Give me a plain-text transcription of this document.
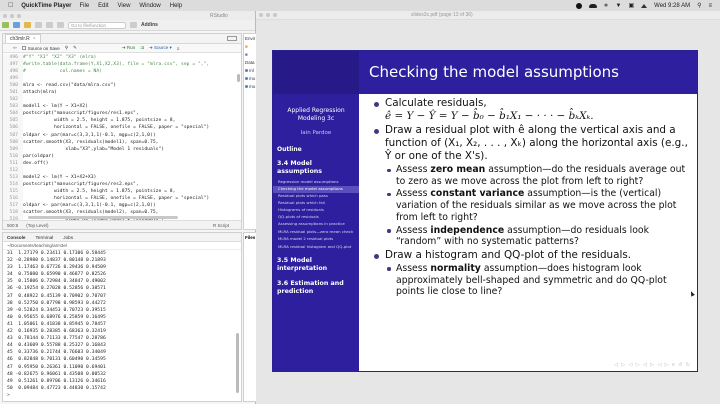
QuickTime Player File Edit View Window Help	∗ ▼ ▣	Wed 9:28 AM ⚲ ≡
RStudio
Go to file/function	Addins
ch3mlr.R ×
⇦	Source on Save ⚲ ✎	➜ Run ⇉ ➜ Source ▾ ≡
496	#"Y" "X1" "X2" "X3" (mlra)
497	#write.table(data.frame(Y,X1,X2,X3), file = "mlra.csv", sep = ",",
498	#            col.names = NA)
499
500	mlra <- read.csv("data/mlra.csv")
501	attach(mlra)
502
503	model1 <- lm(Y ~ X1+X2)
504	postscript("manuscript/figures/res1.eps",
505	width = 2.5, height = 1.875, pointsize = 8,
506	horizontal = FALSE, onefile = FALSE, paper = "special")
507	oldpar <- par(mar=c(3,3,1,1)-0.1, mgp=c(2,1,0))
508	scatter.smooth(X3, residuals(model1), span=0.75,
509	xlab="X3",ylab="Model 1 residuals")
510	par(oldpar)
511	dev.off()
512
513	model2 <- lm(Y ~ X1+X2+X3)
514	postscript("manuscript/figures/res2.eps",
515	width = 2.5, height = 1.875, pointsize = 8,
516	horizontal = FALSE, onefile = FALSE, paper = "special")
517	oldpar <- par(mar=c(3,3,1,1)-0.1, mgp=c(2,1,0))
518	scatter.smooth(X3, residuals(model2), span=0.75,
500:5 (Top Level)	R Script
Console Terminal Jobs
~/Documents/teaching/arm3e/
31  1.27179 0.23411 0.17306 0.58445
32 -0.28980 0.14837 0.80148 0.21893
33  1.17463 0.67726 0.29436 0.94509
34  0.75080 0.65990 0.46877 0.82526
35  0.15806 0.72984 0.34847 0.49002
36 -0.19254 0.27028 0.52856 0.38571
37  0.48922 0.45139 0.70902 0.70707
38  0.52750 0.07798 0.98593 0.44272
39 -0.52824 0.34453 0.70723 0.39515
40  0.95655 0.68976 0.25859 0.16495
41  1.05061 0.41838 0.85945 0.78457
42  0.16935 0.28385 0.68363 0.32419
43  0.78144 0.71133 0.77547 0.28786
44  0.43609 0.55788 0.25327 0.16843
45  0.33736 0.21744 0.76603 0.34049
46  0.82848 0.70131 0.60490 0.34595
47  0.95950 0.26361 0.11090 0.69401
48 -0.82675 0.96061 0.43508 0.00532
49  0.51261 0.89706 0.13126 0.34616
50  0.09484 0.47723 0.44830 0.15742
>
Envir
■
■
Data
ml
mo
mo
Files
slides3c.pdf (page 13 of 36)
Checking the model assumptions
Applied Regression Modeling 3c
Iain Pardoe
Outline
3.4 Model assumptions
Regression model assumptions
Checking the model assumptions
Residual plots which pass
Residual plots which fail
Histograms of residuals
QQ-plots of residuals
Assessing assumptions in practice
MLRA residual plots—zero mean check
MLRA model 2 residual plots
MLRA residual histogram and QQ-plot
3.5 Model interpretation
3.6 Estimation and prediction
Calculate residuals,
ê = Y − Ŷ = Y − b̂₀ − b̂₁X₁ − · · · − b̂ₖXₖ.
Draw a residual plot with ê along the vertical axis and a function of (X₁, X₂, . . . , Xₖ) along the horizontal axis (e.g., Ŷ or one of the X's).
Assess zero mean assumption—do the residuals average out to zero as we move across the plot from left to right?
Assess constant variance assumption—is the (vertical) variation of the residuals similar as we move across the plot from left to right?
Assess independence assumption—do residuals look “random” with no systematic patterns?
Draw a histogram and QQ-plot of the residuals.
Assess normality assumption—does histogram look approximately bell-shaped and symmetric and do QQ-plot points lie close to line?
◁ ▷ ◁ ▷ ◁ ▷ ◁ ▷ ≡ ↺ ↻
